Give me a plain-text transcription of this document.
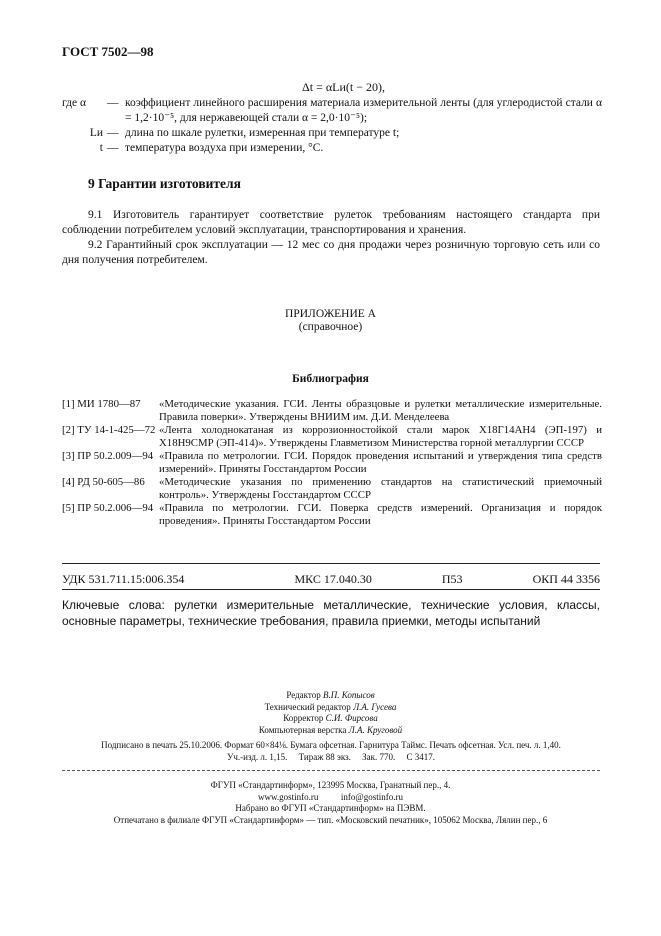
ГОСТ 7502—98
Δt = αLи(t − 20),
где α	— коэффициент линейного расширения материала измерительной ленты (для углеродистой стали α = 1,2·10⁻⁵, для нержавеющей стали α = 2,0·10⁻⁵);
Lи — длина по шкале рулетки, измеренная при температуре t;
t — температура воздуха при измерении, °С.
9 Гарантии изготовителя
9.1 Изготовитель гарантирует соответствие рулеток требованиям настоящего стандарта при соблюдении потребителем условий эксплуатации, транспортирования и хранения.
9.2 Гарантийный срок эксплуатации — 12 мес со дня продажи через розничную торговую сеть или со дня получения потребителем.
ПРИЛОЖЕНИЕ А
(справочное)
Библиография
[1] МИ 1780—87	«Методические указания. ГСИ. Ленты образцовые и рулетки металлические измерительные. Правила поверки». Утверждены ВНИИМ им. Д.И. Менделеева
[2] ТУ 14-1-425—72 «Лента холоднокатаная из коррозионностойкой стали марок Х18Г14АН4 (ЭП-197) и Х18Н9СМР (ЭП-414)». Утверждены Главметизом Министерства горной металлургии СССР
[3] ПР 50.2.009—94 «Правила по метрологии. ГСИ. Порядок проведения испытаний и утверждения типа средств измерений». Приняты Госстандартом России
[4] РД 50-605—86	«Методические указания по применению стандартов на статистический приемочный контроль». Утверждены Госстандартом СССР
[5] ПР 50.2.006—94 «Правила по метрологии. ГСИ. Поверка средств измерений. Организация и порядок проведения». Приняты Госстандартом России
УДК 531.711.15:006.354	МКС 17.040.30	П53	ОКП 44 3356
Ключевые слова: рулетки измерительные металлические, технические условия, классы, основные параметры, технические требования, правила приемки, методы испытаний
Редактор В.П. Копысов
Технический редактор Л.А. Гусева
Корректор С.И. Фирсова
Компьютерная верстка Л.А. Круговой
Подписано в печать 25.10.2006. Формат 60×84⅛. Бумага офсетная. Гарнитура Таймс. Печать офсетная. Усл. печ. л. 1,40.
Уч.-изд. л. 1,15.     Тираж 88 экз.     Зак. 770.     С 3417.
ФГУП «Стандартинформ», 123995 Москва, Гранатный пер., 4.
www.gostinfo.ru          info@gostinfo.ru
Набрано во ФГУП «Стандартинформ» на ПЭВМ.
Отпечатано в филиале ФГУП «Стандартинформ» — тип. «Московский печатник», 105062 Москва, Лялин пер., 6
